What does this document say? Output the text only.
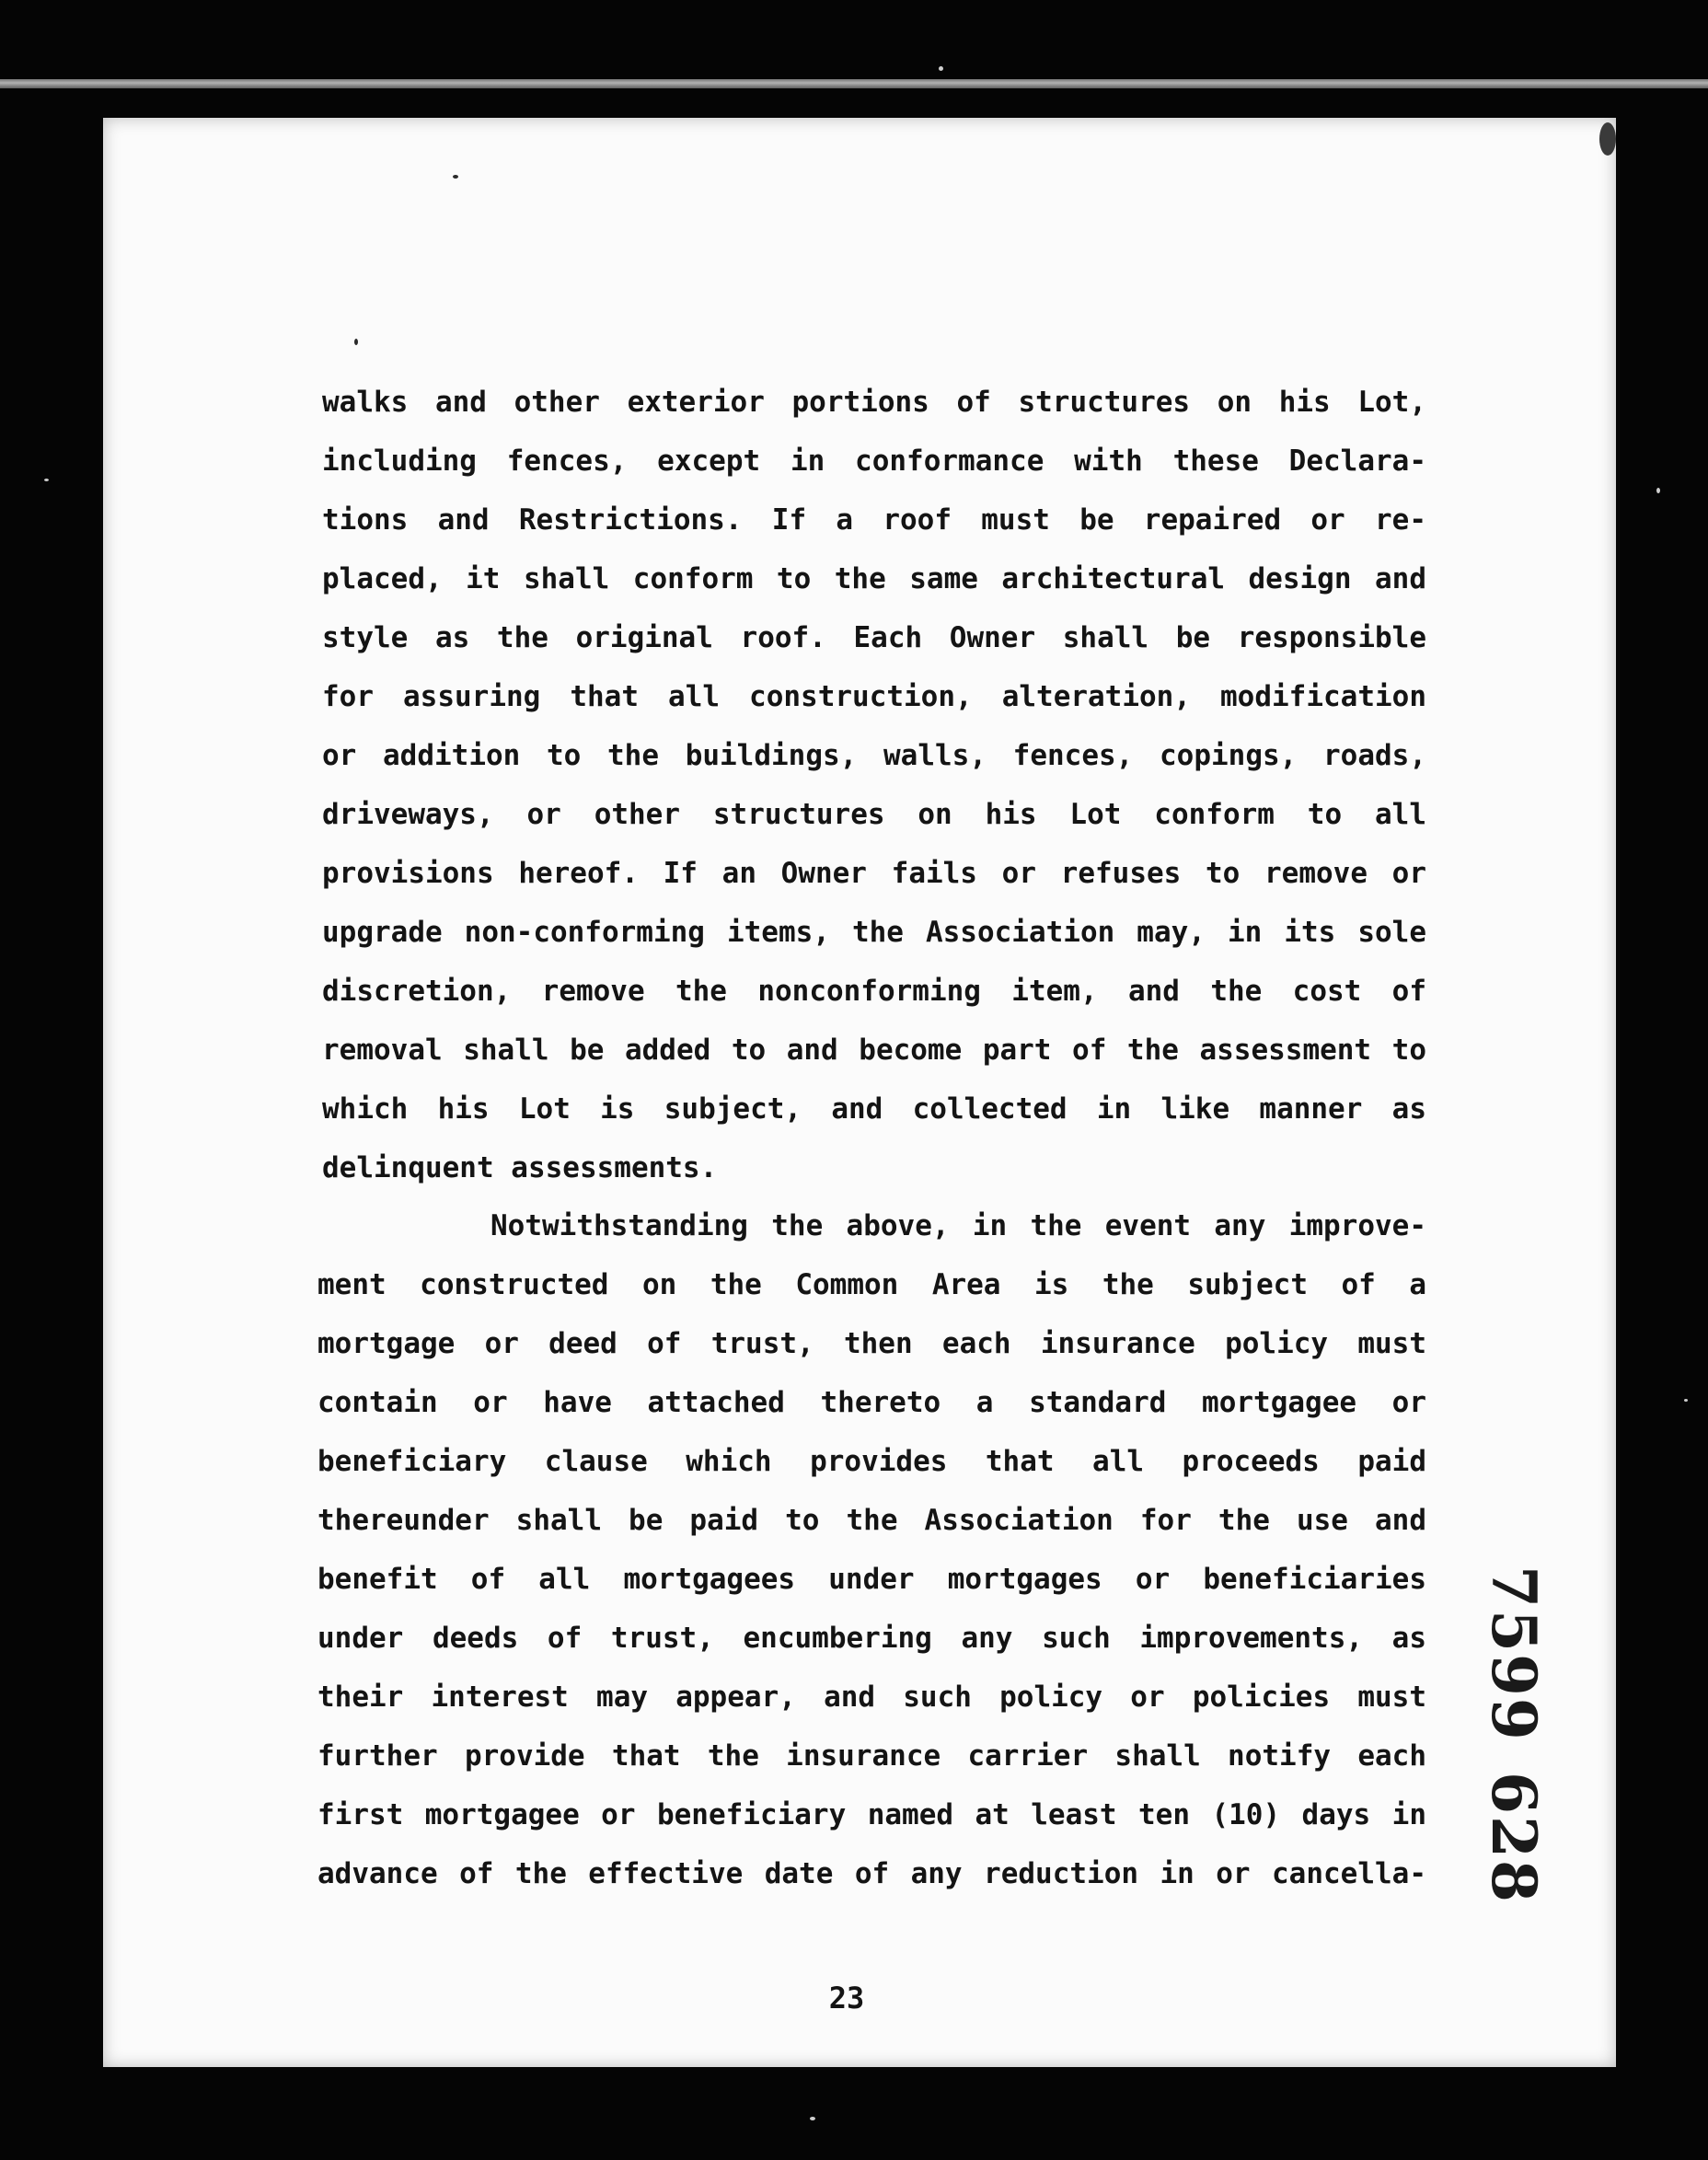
walks and other exterior portions of structures on his Lot,
including fences, except in conformance with these Declara-
tions and Restrictions. If a roof must be repaired or re-
placed, it shall conform to the same architectural design and
style as the original roof. Each Owner shall be responsible
for assuring that all construction, alteration, modification
or addition to the buildings, walls, fences, copings, roads,
driveways, or other structures on his Lot conform to all
provisions hereof. If an Owner fails or refuses to remove or
upgrade non-conforming items, the Association may, in its sole
discretion, remove the nonconforming item, and the cost of
removal shall be added to and become part of the assessment to
which his Lot is subject, and collected in like manner as
delinquent assessments.
Notwithstanding the above, in the event any improve-
ment constructed on the Common Area is the subject of a
mortgage or deed of trust, then each insurance policy must
contain or have attached thereto a standard mortgagee or
beneficiary clause which provides that all proceeds paid
thereunder shall be paid to the Association for the use and
benefit of all mortgagees under mortgages or beneficiaries
under deeds of trust, encumbering any such improvements, as
their interest may appear, and such policy or policies must
further provide that the insurance carrier shall notify each
first mortgagee or beneficiary named at least ten (10) days in
advance of the effective date of any reduction in or cancella-
7599
628
23
